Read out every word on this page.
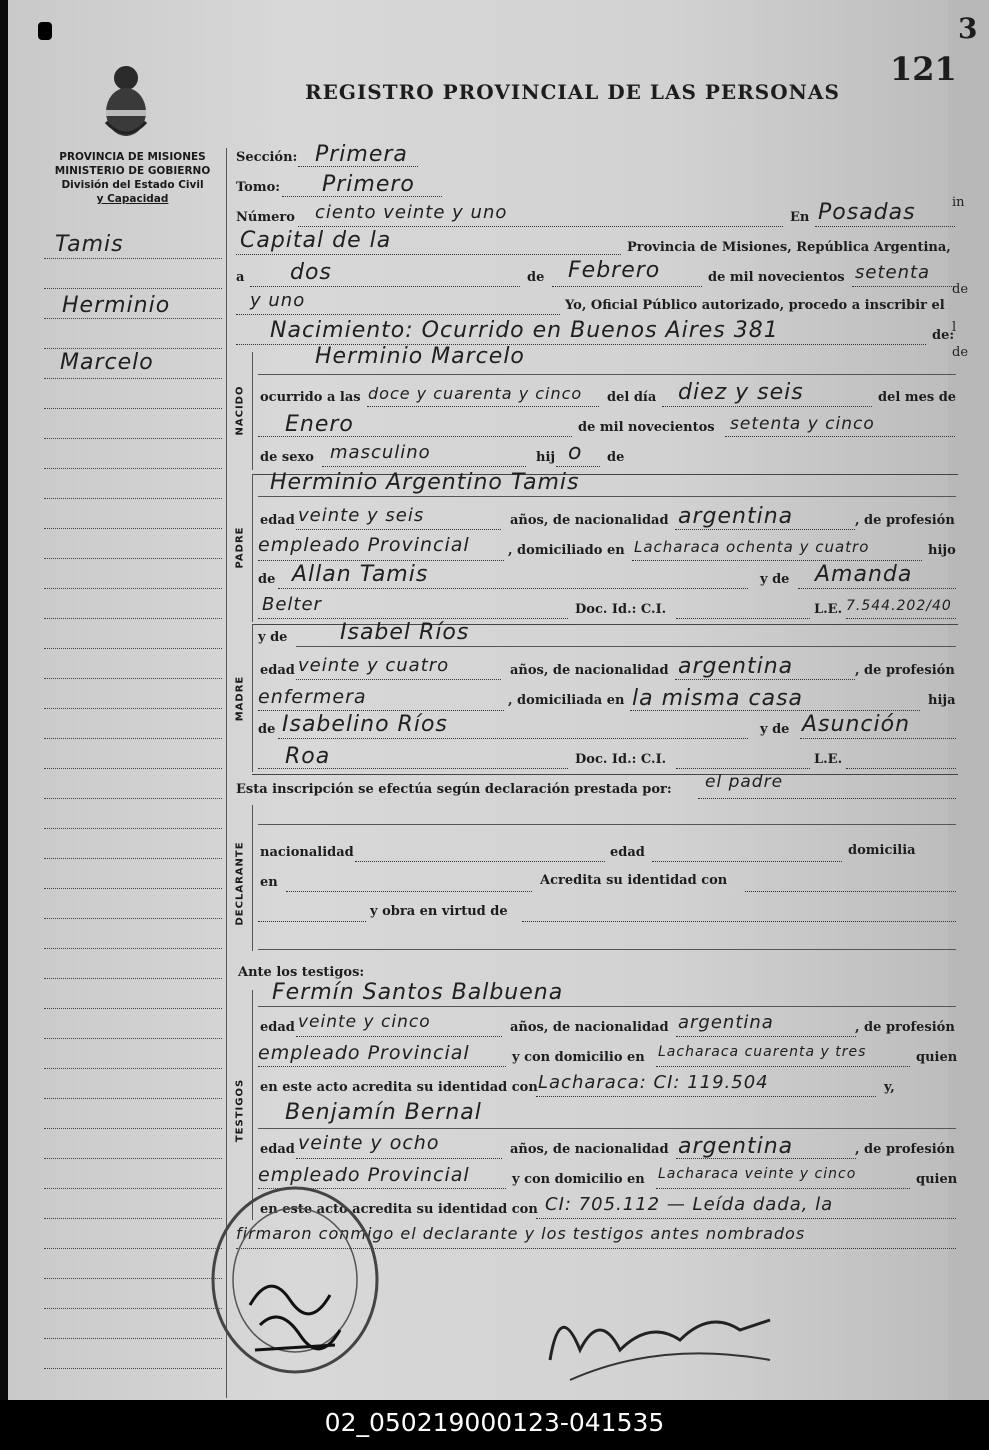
in
de
l
de
3
121
REGISTRO PROVINCIAL DE LAS PERSONAS
PROVINCIA DE MISIONES
MINISTERIO DE GOBIERNO
División del Estado Civil
y Capacidad
Tamis
Herminio
Marcelo
Sección: Primera
Tomo: Primero
Número ciento veinte y uno	En Posadas
Capital de la	Provincia de Misiones, República Argentina,
a dos	de Febrero	de mil novecientos setenta
y uno	Yo, Oficial Público autorizado, procedo a inscribir el
Nacimiento: Ocurrido en Buenos Aires 381	de:
NACIDO
Herminio Marcelo
ocurrido a las doce y cuarenta y cinco del día diez y seis	del mes de
Enero	de mil novecientos setenta y cinco
de sexo masculino	hij o de
PADRE
Herminio Argentino Tamis
edad veinte y seis	años, de nacionalidad argentina	, de profesión
empleado Provincial	, domiciliado en Lacharaca ochenta y cuatro	hijo
de Allan Tamis	y de Amanda
Belter	Doc. Id.: C.I.	L.E. 7.544.202/40
MADRE
y de Isabel Ríos
edad veinte y cuatro	años, de nacionalidad argentina	, de profesión
enfermera	, domiciliada en la misma casa	hija
de Isabelino Ríos	y de Asunción
Roa	Doc. Id.: C.I.	L.E.
Esta inscripción se efectúa según declaración prestada por: el padre
DECLARANTE nacionalidad	edad	domicilia
en	Acredita su identidad con
y obra en virtud de
Ante los testigos:
TESTIGOS
Fermín Santos Balbuena
edad veinte y cinco	años, de nacionalidad argentina	, de profesión
empleado Provincial	y con domicilio en Lacharaca cuarenta y tres	quien
en este acto acredita su identidad con Lacharaca: CI: 119.504	y,
Benjamín Bernal
edad veinte y ocho	años, de nacionalidad argentina	, de profesión
empleado Provincial	y con domicilio en Lacharaca veinte y cinco	quien
en este acto acredita su identidad con CI: 705.112 — Leída dada, la
firmaron conmigo el declarante y los testigos antes nombrados
02_050219000123-041535
